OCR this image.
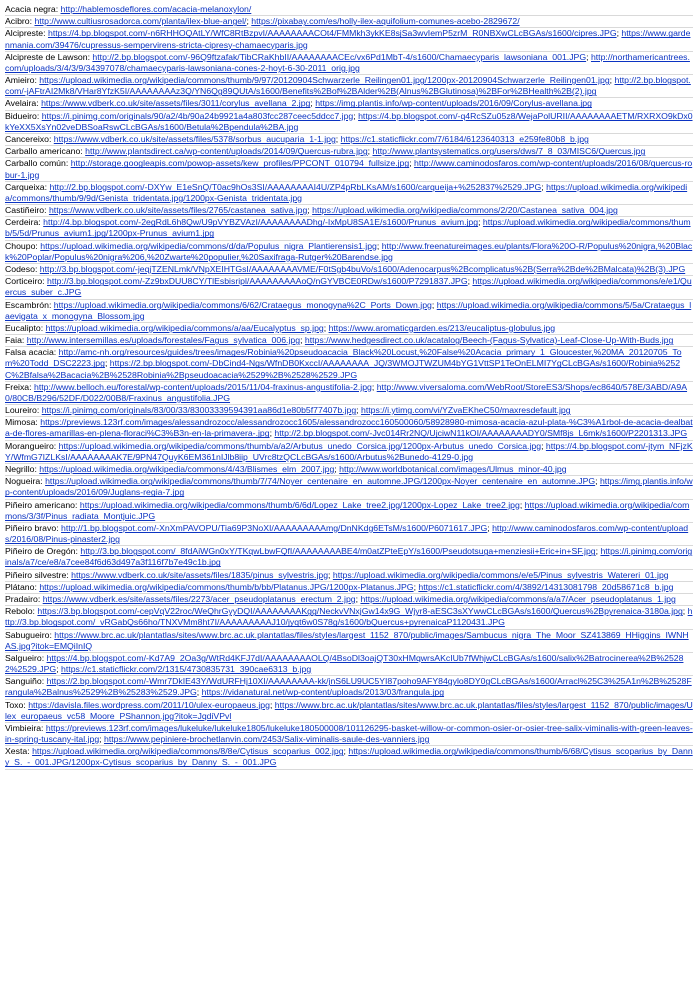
Acacia negra: http://hablemosdeflores.com/acacia-melanoxylon/
Acibro: http://www.cultiusrosadorca.com/planta/ilex-blue-angel/; https://pixabay.com/es/holly-ilex-aquifolium-comunes-acebo-2829672/
Alcipreste: https://4.bp.blogspot.com/-n6RHHOQAtLY/WfC8RtBzpvI/AAAAAAAACOt4/FMMkh3ykKE8sjSa3wvIemP5zrM_R0NBXwCLcBGAs/s1600/cipres.JPG; https://www.gardenmania.com/39476/cupressus-sempervirens-stricta-cipresy-chamaecyparis.jpg
Alcipreste de Lawson: http://2.bp.blogspot.com/-96Q9ftzafak/TibCRaKhbII/AAAAAAAACEc/vx6Pd1MbT-4/s1600/Chamaecyparis_lawsoniana_001.JPG; http://northamericantrees.com/uploads/3/4/3/9/34397078/chamaecyparis-lawsoniana-cones-2-hoyt-6-30-2011_orig.jpg
Amieiro: https://upload.wikimedia.org/wikipedia/commons/thumb/9/97/20120904Schwarzerle_Reilingen01.jpg/1200px-20120904Schwarzerle_Reilingen01.jpg; http://2.bp.blogspot.com/-jAFtrAI2Mk8/VHar8YfzK5I/AAAAAAAAz3Q/YN6Qg89QUtA/s1600/Benefits%2Bof%2BAlder%2B(Alnus%2BGlutinosa)%2BFor%2BHealth%2B(2).jpg
Avelaira: https://www.vdberk.co.uk/site/assets/files/3011/corylus_avellana_2.jpg; https://img.plantis.info/wp-content/uploads/2016/09/Corylus-avellana.jpg
Bidueiro: https://i.pinimg.com/originals/90/a2/4b/90a24b9921a4a803fcc287ceec5ddcc7.jpg; https://4.bp.blogspot.com/-q4RcSZu05z8/WejaPolURII/AAAAAAAAETM/RXRXO9kDx0kYeXX5XsYn02veDBSoaRswCLcBGAs/s1600/Betula%2Bpendula%2BA.jpg
Cancereixo: https://www.vdberk.co.uk/site/assets/files/5378/sorbus_aucuparia_1-1.jpg; https://c1.staticflickr.com/7/6184/6123640313_e259fe80b8_b.jpg
Carballo americano: http://www.plantsdirect.ca/wp-content/uploads/2014/09/Quercus-rubra.jpg; http://www.plantsystematics.org/users/dws/7_8_03/MISC6/Quercus.jpg
Carballo común: http://storage.googleapis.com/powop-assets/kew_profiles/PPCONT_010794_fullsize.jpg; http://www.caminodosfaros.com/wp-content/uploads/2016/08/quercus-robur-1.jpg
Carqueixa: http://2.bp.blogspot.com/-DXYw_E1eSnQ/T0ac9hOs3SI/AAAAAAAAI4U/ZP4pRbLKsAM/s1600/carqueija+%252837%2529.JPG; https://upload.wikimedia.org/wikipedia/commons/thumb/9/9d/Genista_tridentata.jpg/1200px-Genista_tridentata.jpg
Castiñeiro: https://www.vdberk.co.uk/site/assets/files/2765/castanea_sativa.jpg; https://upload.wikimedia.org/wikipedia/commons/2/20/Castanea_sativa_004.jpg
Cerdeira: http://4.bp.blogspot.com/-2egRdL6h8Qw/U9pVYBZVAzI/AAAAAAAADhg/-IxMpU8SA1E/s1600/Prunus_avium.jpg; https://upload.wikimedia.org/wikipedia/commons/thumb/5/5d/Prunus_avium1.jpg/1200px-Prunus_avium1.jpg
Choupo: https://upload.wikimedia.org/wikipedia/commons/d/da/Populus_nigra_Plantierensis1.jpg; http://www.freenatureimages.eu/plants/Flora%20O-R/Populus%20nigra,%20Black%20Poplar/Populus%20nigra%206,%20Zwarte%20populier,%20Saxifraga-Rutger%20Barendse.jpg
Codeso: http://3.bp.blogspot.com/-jeqjTZENLmk/VNpXEIHTGsI/AAAAAAAAVME/F0tSgb4buVo/s1600/Adenocarpus%2Bcomplicatus%2B(Serra%2Bde%2BMalcata)%2B(3).JPG
Corticeiro: http://3.bp.blogspot.com/-Zz9bxDUU8CY/TlEsbisripl/AAAAAAAAAoQ/nGYVBCE0RDw/s1600/P7291837.JPG; https://upload.wikimedia.org/wikipedia/commons/e/e1/Quercus_suber_c.JPG
Escambrón: https://upload.wikimedia.org/wikipedia/commons/6/62/Crataegus_monogyna%2C_Ports_Down.jpg; https://upload.wikimedia.org/wikipedia/commons/5/5a/Crataegus_laevigata_x_monogyna_Blossom.jpg
Eucalipto: https://upload.wikimedia.org/wikipedia/commons/a/aa/Eucalyptus_sp.jpg; https://www.aromaticgarden.es/213/eucaliptus-globulus.jpg
Faia: http://www.intersemillas.es/uploads/forestales/Fagus_sylvatica_006.jpg; https://www.hedgesdirect.co.uk/acatalog/Beech-(Fagus-Sylvatica)-Leaf-Close-Up-With-Buds.jpg
Falsa acacia: http://amc-nh.org/resources/guides/trees/images/Robinia%20pseudoacacia_Black%20Locust,%20False%20Acacia_primary_1_Gloucester,%20MA_20120705_Tom%20Todd_DSC2223.jpg; https://2.bp.blogspot.com/-DbCind4-Ngs/WfnDB0KxccI/AAAAAAAA_JQ/3WMOJTWZUM4bYG1VttSP1TeOnELMI7YgCLcBGAs/s1600/Robinia%252C%2Bfalsa%2Bacacia%2B%2528Robinia%2Bpseudoacacia%2529%2B%2528%2529.JPG
Freixa: http://www.belloch.eu/forestal/wp-content/uploads/2015/11/04-fraxinus-angustifolia-2.jpg; http://www.viversaloma.com/WebRoot/StoreES3/Shops/ec8640/578E/3ABD/A9A0/80CB/B296/52DF/D022/00B8/Fraxinus_angustifolia.JPG
Loureiro: https://i.pinimg.com/originals/83/00/33/83003339594391aa86d1e80b5f77407b.jpg; https://i.ytimg.com/vi/YZvaEKheC50/maxresdefault.jpg
Mimosa: https://previews.123rf.com/images/alessandrozocc/alessandrozocc1605/alessandrozocc160500060/58928980-mimosa-acacia-azul-plata-%C3%A1rbol-de-acacia-dealbata-de-flores-amarillas-en-plena-floraci%C3%B3n-en-la-primavera-.jpg; http://2.bp.blogspot.com/-Jvc014Rr2NQ/UjciwN11kOI/AAAAAAAADY0/SMf8js_L6mk/s1600/P2201313.JPG
Morangueiro: https://upload.wikimedia.org/wikipedia/commons/thumb/a/a2/Arbutus_unedo_Corsica.jpg/1200px-Arbutus_unedo_Corsica.jpg; https://4.bp.blogspot.com/-jtym_NFjzKY/WfmG7IZLKsI/AAAAAAAAK7E/9PN47QuyK6EM361nIJlb8iip_UVrc8tzQCLcBGAs/s1600/Arbutus%2Bunedo-4129-0.jpg
Negrillo: https://upload.wikimedia.org/wikipedia/commons/4/43/Blismes_elm_2007.jpg; http://www.worldbotanical.com/images/Ulmus_minor-40.jpg
Nogueira: https://upload.wikimedia.org/wikipedia/commons/thumb/7/74/Noyer_centenaire_en_automne.JPG/1200px-Noyer_centenaire_en_automne.JPG; https://img.plantis.info/wp-content/uploads/2016/09/Juglans-regia-7.jpg
Piñeiro americano: https://upload.wikimedia.org/wikipedia/commons/thumb/6/6d/Lopez_Lake_tree2.jpg/1200px-Lopez_Lake_tree2.jpg; https://upload.wikimedia.org/wikipedia/commons/3/3f/Pinus_radiata_Montjuic.JPG
Piñeiro bravo: http://1.bp.blogspot.com/-XnXmPAVOPU/Tia69P3NoXI/AAAAAAAAAmg/DnNKdg6ETsM/s1600/P6071617.JPG; http://www.caminodosfaros.com/wp-content/uploads/2016/08/Pinus-pinaster2.jpg
Piñeiro de Oregón: http://3.bp.blogspot.com/_8fdAiWGn0xY/TKqwLbwFQfI/AAAAAAAABE4/m0atZPteEpY/s1600/Pseudotsuga+menziesii+Eric+in+SF.jpg; https://i.pinimg.com/originals/a7/ce/e8/a7cee84f6d63d497a3f116f7b7e49c1b.jpg
Piñeiro silvestre: https://www.vdberk.co.uk/site/assets/files/1835/pinus_sylvestris.jpg; https://upload.wikimedia.org/wikipedia/commons/e/e5/Pinus_sylvestris_Watereri_01.jpg
Plátano: https://upload.wikimedia.org/wikipedia/commons/thumb/b/bb/Platanus.JPG/1200px-Platanus.JPG; https://c1.staticflickr.com/4/3892/14313081798_20d58671c8_b.jpg
Pradairo: https://www.vdberk.es/site/assets/files/2273/acer_pseudoplatanus_erectum_2.jpg; https://upload.wikimedia.org/wikipedia/commons/a/a7/Acer_pseudoplatanus_1.jpg
Rebolo: https://3.bp.blogspot.com/-cepVqV22roc/WeQhrGyyDQI/AAAAAAAAKgg/NeckvVNxjGw14x9G_Wjyr8-aESC3sXYwwCLcBGAs/s1600/Quercus%2Bpyrenaica-3180a.jpg; http://3.bp.blogspot.com/_vRGabQs66ho/TNXVMm8ht7I/AAAAAAAAAJ10/jyqt6w0S78g/s1600/bQuercus+pyrenaicaP1120431.JPG
Sabugueiro: https://www.brc.ac.uk/plantatlas/sites/www.brc.ac.uk.plantatlas/files/styles/largest_1152_870/public/images/Sambucus_nigra_The_Moor_SZ413869_HHiggins_IWNHAS.jpg?itok=EMQiInIQ
Salgueiro: https://4.bp.blogspot.com/-Kd7A9_2Oa3g/WtRd4KFJ7dI/AAAAAAAAOLQ/4BsoDl3oajQT30xHMqwrsAKcIUb7fWhjwCLcBGAs/s1600/salix%2Batrocinerea%2B%25282%2529.JPG; https://c1.staticflickr.com/2/1315/4730835731_390cae6313_b.jpg
Sanguiño: https://2.bp.blogspot.com/-Wmr7DkIE43Y/WdURFHj10XI/AAAAAAAA-kk/jnS6LU9UC5YI87poho9AFY84gylo8DY0gCLcBGAs/s1600/Arracl%25C3%25A1n%2B%2528Frangula%2Balnus%2529%2B%25283%2529.JPG; https://vidanatural.net/wp-content/uploads/2013/03/frangula.jpg
Toxo: https://davisla.files.wordpress.com/2011/10/ulex-europaeus.jpg; https://www.brc.ac.uk/plantatlas/sites/www.brc.ac.uk.plantatlas/files/styles/largest_1152_870/public/images/Ulex_europaeus_vc58_Moore_PShannon.jpg?itok=JqdiVPvl
Vimbieira: https://previews.123rf.com/images/lukeluke/lukeluke1805/lukeluke180500008/101126295-basket-willow-or-common-osier-or-osier-tree-salix-viminalis-with-green-leaves-in-spring-tuscany-ital.jpg; https://www.pepiniere-brochetlanvin.com/2453/Salix-viminalis-saule-des-vanniers.jpg
Xesta: https://upload.wikimedia.org/wikipedia/commons/8/8e/Cytisus_scoparius_002.jpg; https://upload.wikimedia.org/wikipedia/commons/thumb/6/68/Cytisus_scoparius_by_Danny_S._-_001.JPG/1200px-Cytisus_scoparius_by_Danny_S._-_001.JPG
